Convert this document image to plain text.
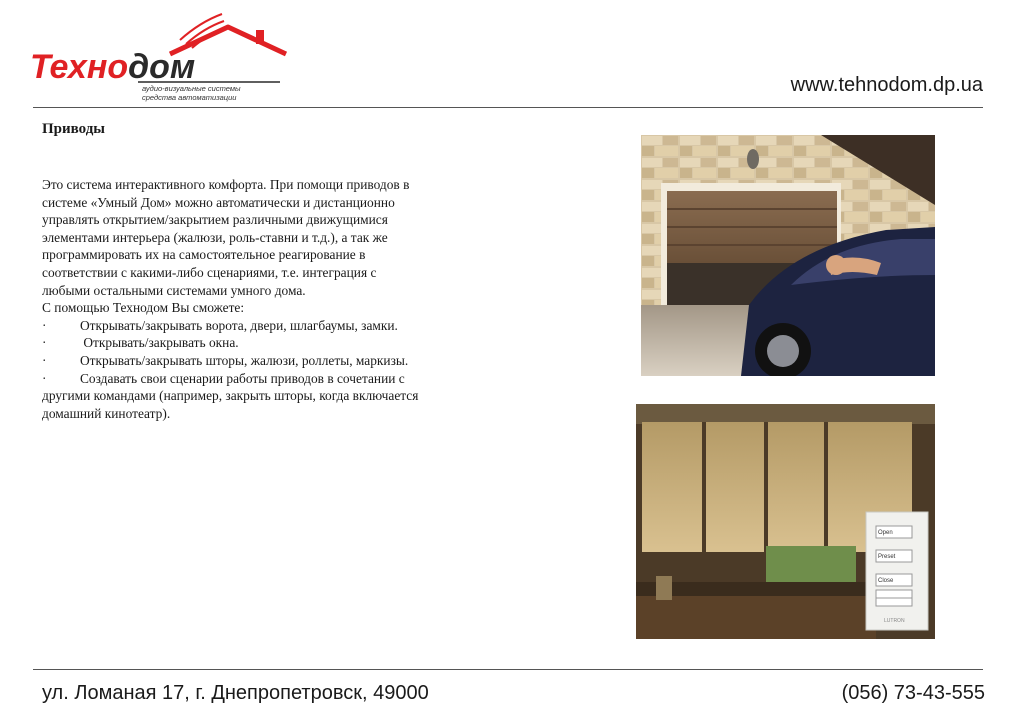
Технодом
аудио-визуальные системы
средства автоматизации
www.tehnodom.dp.ua
Приводы

Это система интерактивного комфорта. При помощи приводов в системе «Умный Дом» можно автоматически и дистанционно управлять открытием/закрытием различными движущимися элементами интерьера (жалюзи, роль-ставни и т.д.), а так же программировать их на самостоятельное реагирование в соответствии с какими-либо сценариями, т.е. интеграция с любыми остальными системами умного дома.

С помощью Технодом Вы сможете:

·	Открывать/закрывать ворота, двери, шлагбаумы, замки.
·	Открывать/закрывать окна.
·	Открывать/закрывать шторы, жалюзи, роллеты, маркизы.
·	Создавать свои сценарии работы приводов в сочетании с другими командами (например, закрыть шторы, когда включается домашний кинотеатр).
Open
Preset
Close
LUTRON
ул. Ломаная 17, г. Днепропетровск, 49000	(056) 73-43-555
